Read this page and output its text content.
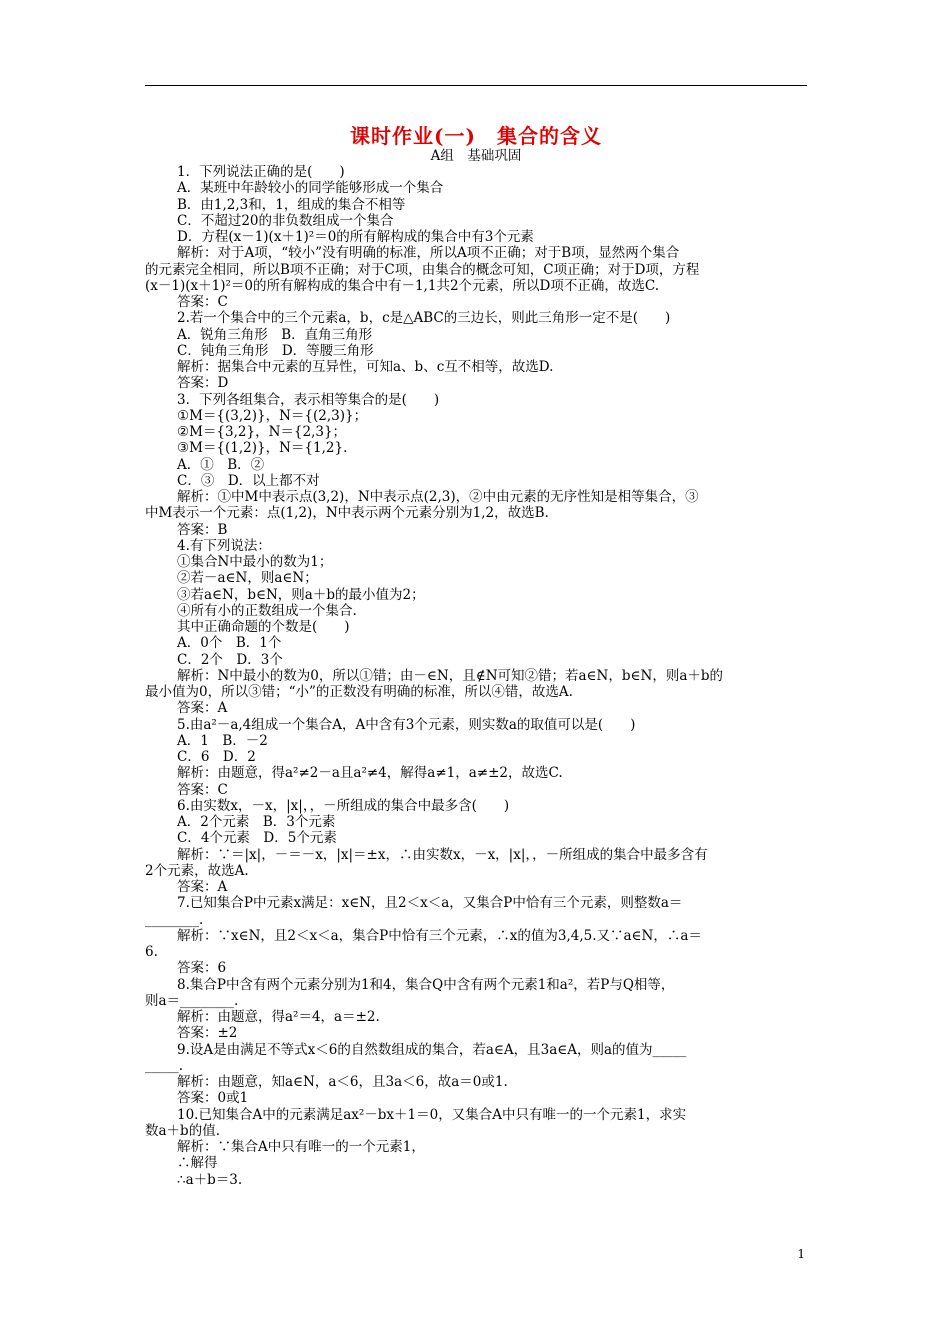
课时作业(一)　集合的含义
A组　基础巩固

1．下列说法正确的是(　　)

A．某班中年龄较小的同学能够形成一个集合

B．由1,2,3和，1，组成的集合不相等

C．不超过20的非负数组成一个集合

D．方程(x－1)(x＋1)²＝0的所有解构成的集合中有3个元素

解析：对于A项，“较小”没有明确的标准，所以A项不正确；对于B项，显然两个集合

的元素完全相同，所以B项不正确；对于C项，由集合的概念可知，C项正确；对于D项，方程

(x－1)(x＋1)²＝0的所有解构成的集合中有－1,1共2个元素，所以D项不正确，故选C.

答案：C

2.若一个集合中的三个元素a，b，c是△ABC的三边长，则此三角形一定不是(　　)

A．锐角三角形　B．直角三角形

C．钝角三角形　D．等腰三角形

解析：据集合中元素的互异性，可知a、b、c互不相等，故选D.

答案：D

3．下列各组集合，表示相等集合的是(　　)

①M＝{(3,2)}，N＝{(2,3)}；

②M＝{3,2}，N＝{2,3}；

③M＝{(1,2)}，N＝{1,2}.

A．①　B．②

C．③　D．以上都不对

解析：①中M中表示点(3,2)，N中表示点(2,3)，②中由元素的无序性知是相等集合，③

中M表示一个元素：点(1,2)，N中表示两个元素分别为1,2，故选B.

答案：B

4.有下列说法：

①集合N中最小的数为1；

②若－a∈N，则a∈N；

③若a∈N，b∈N，则a＋b的最小值为2；

④所有小的正数组成一个集合.

其中正确命题的个数是(　　)

A．0个　B．1个

C．2个　D．3个

解析：N中最小的数为0，所以①错；由－∈N，且∉N可知②错；若a∈N，b∈N，则a＋b的

最小值为0，所以③错；“小”的正数没有明确的标准，所以④错，故选A.

答案：A

5.由a²－a,4组成一个集合A，A中含有3个元素，则实数a的取值可以是(　　)

A．1　B．－2

C．6　D．2

解析：由题意，得a²≠2－a且a²≠4，解得a≠1，a≠±2，故选C.

答案：C

6.由实数x，－x，|x|，，－所组成的集合中最多含(　　)

A．2个元素　B．3个元素

C．4个元素　D．5个元素

解析：∵＝|x|，－＝－x，|x|＝±x，∴由实数x，－x，|x|，，－所组成的集合中最多含有

2个元素，故选A.

答案：A

7.已知集合P中元素x满足：x∈N，且2＜x＜a，又集合P中恰有三个元素，则整数a＝

________.

解析：∵x∈N，且2＜x＜a，集合P中恰有三个元素，∴x的值为3,4,5.又∵a∈N，∴a＝

6.

答案：6

8.集合P中含有两个元素分别为1和4，集合Q中含有两个元素1和a²，若P与Q相等，

则a＝________.

解析：由题意，得a²＝4，a＝±2.

答案：±2

9.设A是由满足不等式x＜6的自然数组成的集合，若a∈A，且3a∈A，则a的值为_____

_____.

解析：由题意，知a∈N，a＜6，且3a＜6，故a＝0或1.

答案：0或1

10.已知集合A中的元素满足ax²－bx＋1＝0，又集合A中只有唯一的一个元素1，求实

数a＋b的值.

解析：∵集合A中只有唯一的一个元素1，

∴解得

∴a＋b＝3.

1
